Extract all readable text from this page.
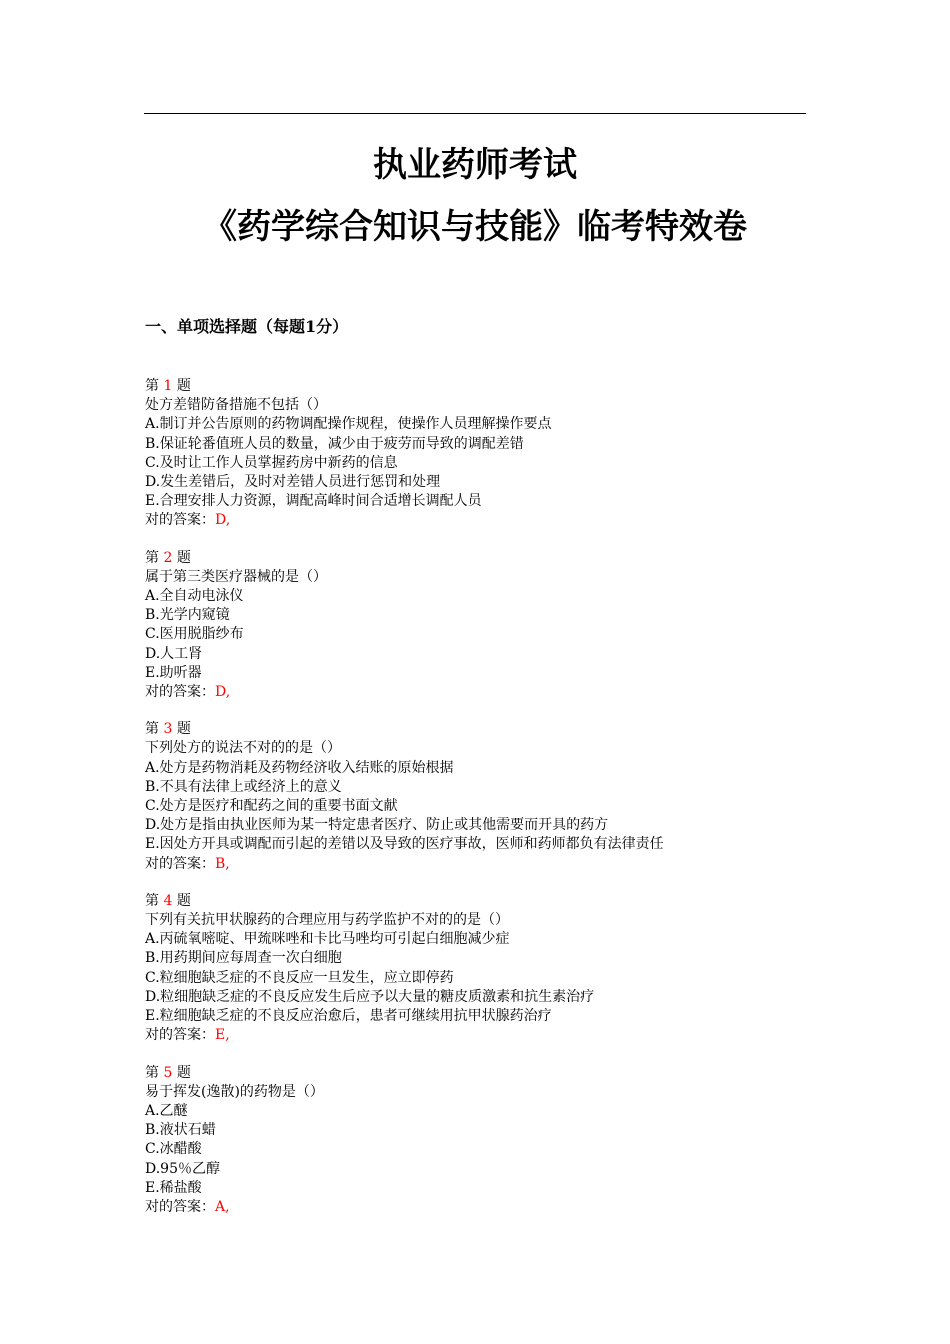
执业药师考试
《药学综合知识与技能》临考特效卷
一、单项选择题（每题1分）
第 1 题
处方差错防备措施不包括（）
A.制订并公告原则的药物调配操作规程，使操作人员理解操作要点
B.保证轮番值班人员的数量，减少由于疲劳而导致的调配差错
C.及时让工作人员掌握药房中新药的信息
D.发生差错后，及时对差错人员进行惩罚和处理
E.合理安排人力资源，调配高峰时间合适增长调配人员
对的答案：D,
第 2 题
属于第三类医疗器械的是（）
A.全自动电泳仪
B.光学内窥镜
C.医用脱脂纱布
D.人工肾
E.助听器
对的答案：D,
第 3 题
下列处方的说法不对的的是（）
A.处方是药物消耗及药物经济收入结账的原始根据
B.不具有法律上或经济上的意义
C.处方是医疗和配药之间的重要书面文献
D.处方是指由执业医师为某一特定患者医疗、防止或其他需要而开具的药方
E.因处方开具或调配而引起的差错以及导致的医疗事故，医师和药师都负有法律责任
对的答案：B,
第 4 题
下列有关抗甲状腺药的合理应用与药学监护不对的的是（）
A.丙硫氧嘧啶、甲巯咪唑和卡比马唑均可引起白细胞减少症
B.用药期间应每周查一次白细胞
C.粒细胞缺乏症的不良反应一旦发生，应立即停药
D.粒细胞缺乏症的不良反应发生后应予以大量的糖皮质激素和抗生素治疗
E.粒细胞缺乏症的不良反应治愈后，患者可继续用抗甲状腺药治疗
对的答案：E,
第 5 题
易于挥发(逸散)的药物是（）
A.乙醚
B.液状石蜡
C.冰醋酸
D.95％乙醇
E.稀盐酸
对的答案：A,
